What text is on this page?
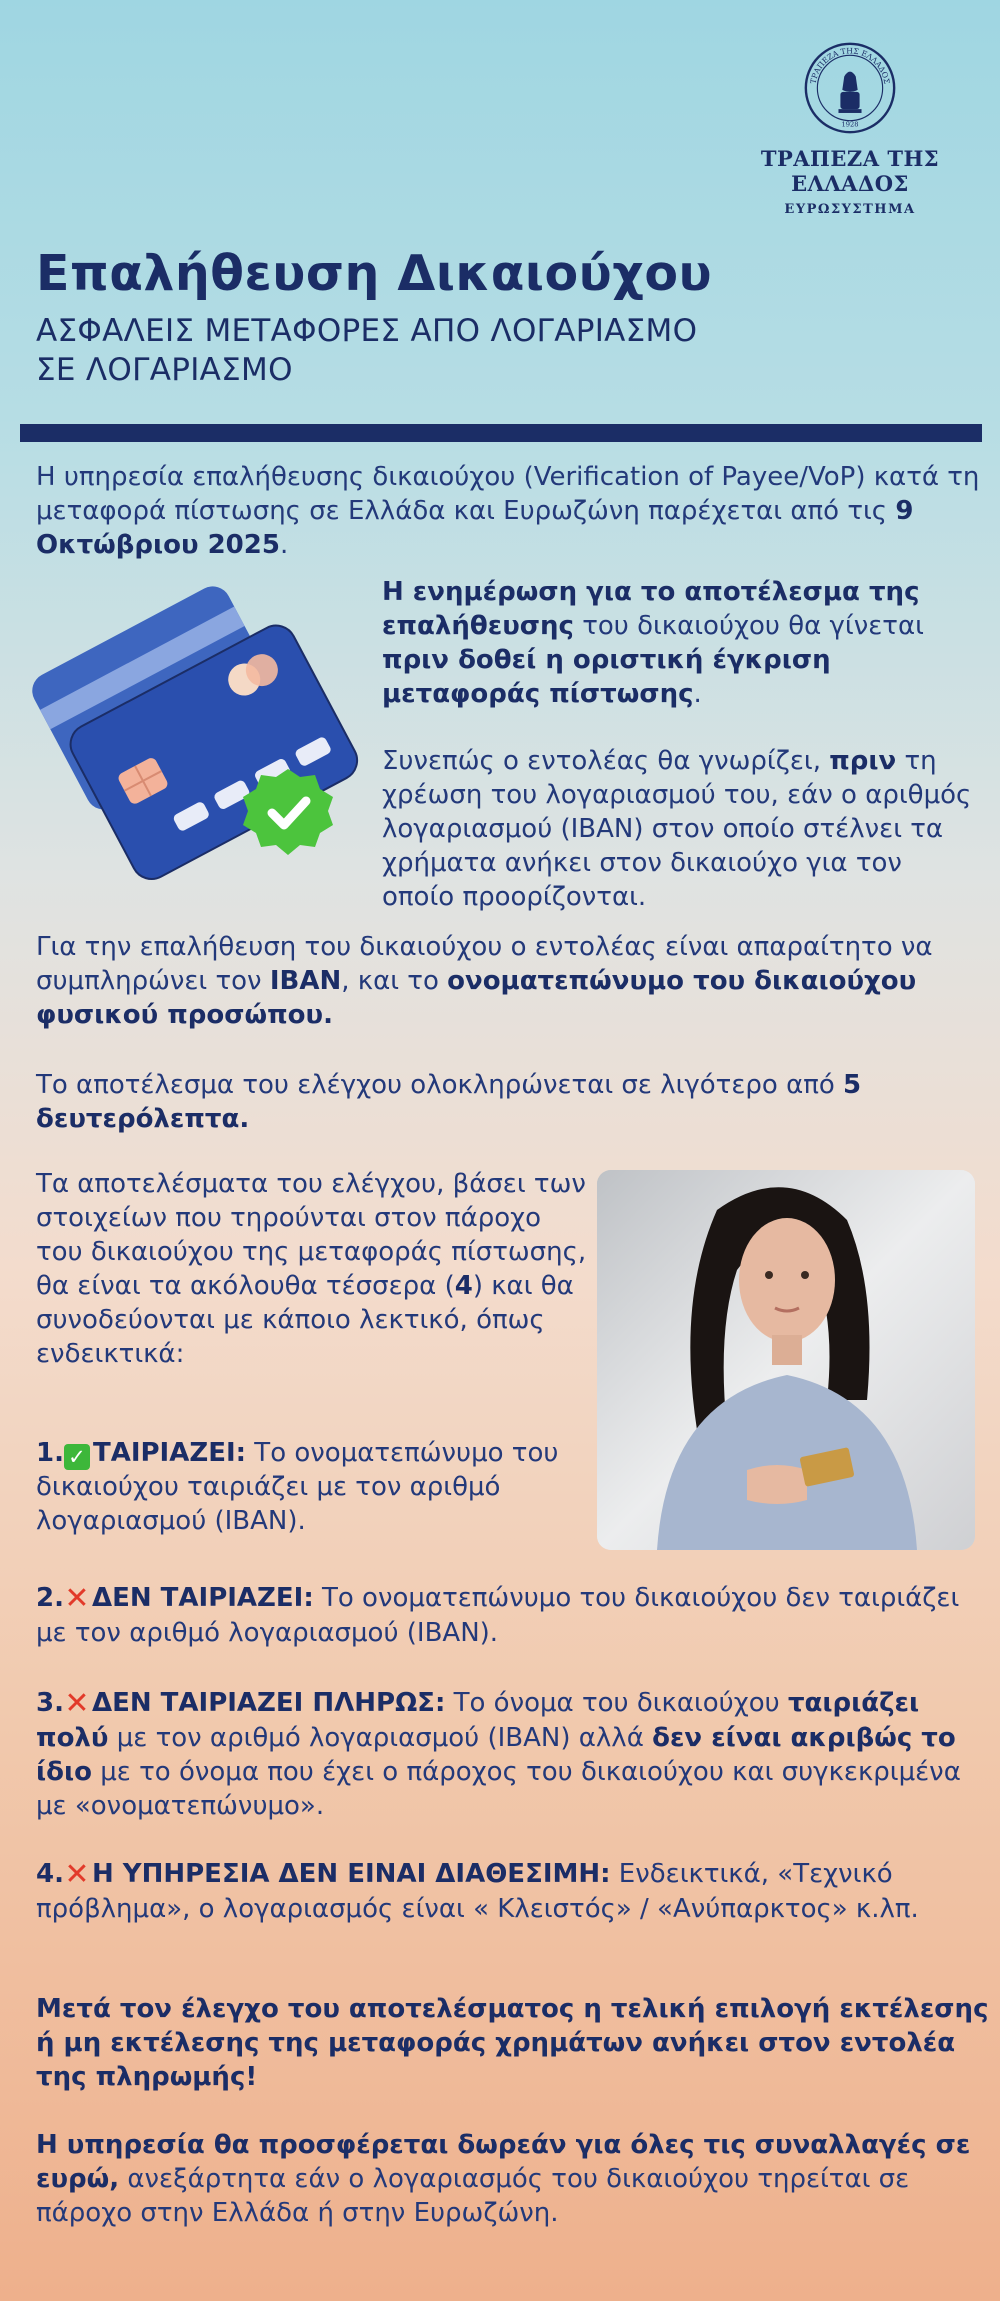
ΤΡΑΠΕΖΑ ΤΗΣ ΕΛΛΑΔΟΣ
1928
ΤΡΑΠΕΖΑ ΤΗΣ ΕΛΛΑΔΟΣ
ΕΥΡΩΣΥΣΤΗΜΑ
Επαλήθευση Δικαιούχου
ΑΣΦΑΛΕΙΣ ΜΕΤΑΦΟΡΕΣ ΑΠΟ ΛΟΓΑΡΙΑΣΜΟ ΣΕ ΛΟΓΑΡΙΑΣΜΟ
Η υπηρεσία επαλήθευσης δικαιούχου (Verification of Payee/VoP) κατά τη μεταφορά πίστωσης σε Ελλάδα και Ευρωζώνη παρέχεται από τις 9 Οκτώβριου 2025.
Η ενημέρωση για το αποτέλεσμα της επαλήθευσης του δικαιούχου θα γίνεται πριν δοθεί η οριστική έγκριση μεταφοράς πίστωσης.
Συνεπώς ο εντολέας θα γνωρίζει, πριν τη χρέωση του λογαριασμού του, εάν ο αριθμός λογαριασμού (IBAN) στον οποίο στέλνει τα χρήματα ανήκει στον δικαιούχο για τον οποίο προορίζονται.
Για την επαλήθευση του δικαιούχου ο εντολέας είναι απαραίτητο να συμπληρώνει τον IBAN, και το ονοματεπώνυμο του δικαιούχου φυσικού προσώπου.
Το αποτέλεσμα του ελέγχου ολοκληρώνεται σε λιγότερο από 5 δευτερόλεπτα.
Τα αποτελέσματα του ελέγχου, βάσει των στοιχείων που τηρούνται στον πάροχο του δικαιούχου της μεταφοράς πίστωσης, θα είναι τα ακόλουθα τέσσερα (4) και θα συνοδεύονται με κάποιο λεκτικό, όπως ενδεικτικά:
1. ✓ ΤΑΙΡΙΑΖΕΙ: Το ονοματεπώνυμο του δικαιούχου ταιριάζει με τον αριθμό λογαριασμού (IBAN).
2.✕ΔΕΝ ΤΑΙΡΙΑΖΕΙ: Το ονοματεπώνυμο του δικαιούχου δεν ταιριάζει με τον αριθμό λογαριασμού (IBAN).
3.✕ΔΕΝ ΤΑΙΡΙΑΖΕΙ ΠΛΗΡΩΣ: Το όνομα του δικαιούχου ταιριάζει πολύ με τον αριθμό λογαριασμού (IBAN) αλλά δεν είναι ακριβώς το ίδιο με το όνομα που έχει ο πάροχος του δικαιούχου και συγκεκριμένα με «ονοματεπώνυμο».
4.✕Η ΥΠΗΡΕΣΙΑ ΔΕΝ ΕΙΝΑΙ ΔΙΑΘΕΣΙΜΗ: Ενδεικτικά, «Τεχνικό πρόβλημα», ο λογαριασμός είναι « Κλειστός» / «Ανύπαρκτος» κ.λπ.
Μετά τον έλεγχο του αποτελέσματος η τελική επιλογή εκτέλεσης ή μη εκτέλεσης της μεταφοράς χρημάτων ανήκει στον εντολέα της πληρωμής!
Η υπηρεσία θα προσφέρεται δωρεάν για όλες τις συναλλαγές σε ευρώ, ανεξάρτητα εάν ο λογαριασμός του δικαιούχου τηρείται σε πάροχο στην Ελλάδα ή στην Ευρωζώνη.
